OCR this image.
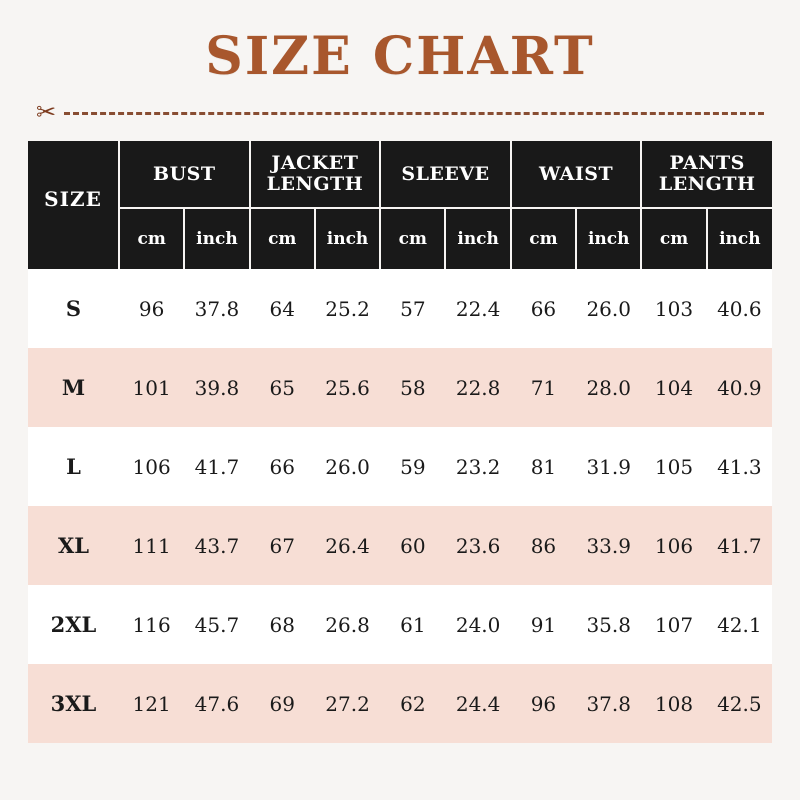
SIZE CHART
✂
SIZE	BUST		JACKET LENGTH		SLEEVE		WAIST		PANTS LENGTH	
	cm	inch	cm	inch	cm	inch	cm	inch	cm	inch
S	96	37.8	64	25.2	57	22.4	66	26.0	103	40.6
M	101	39.8	65	25.6	58	22.8	71	28.0	104	40.9
L	106	41.7	66	26.0	59	23.2	81	31.9	105	41.3
XL	111	43.7	67	26.4	60	23.6	86	33.9	106	41.7
2XL	116	45.7	68	26.8	61	24.0	91	35.8	107	42.1
3XL	121	47.6	69	27.2	62	24.4	96	37.8	108	42.5
